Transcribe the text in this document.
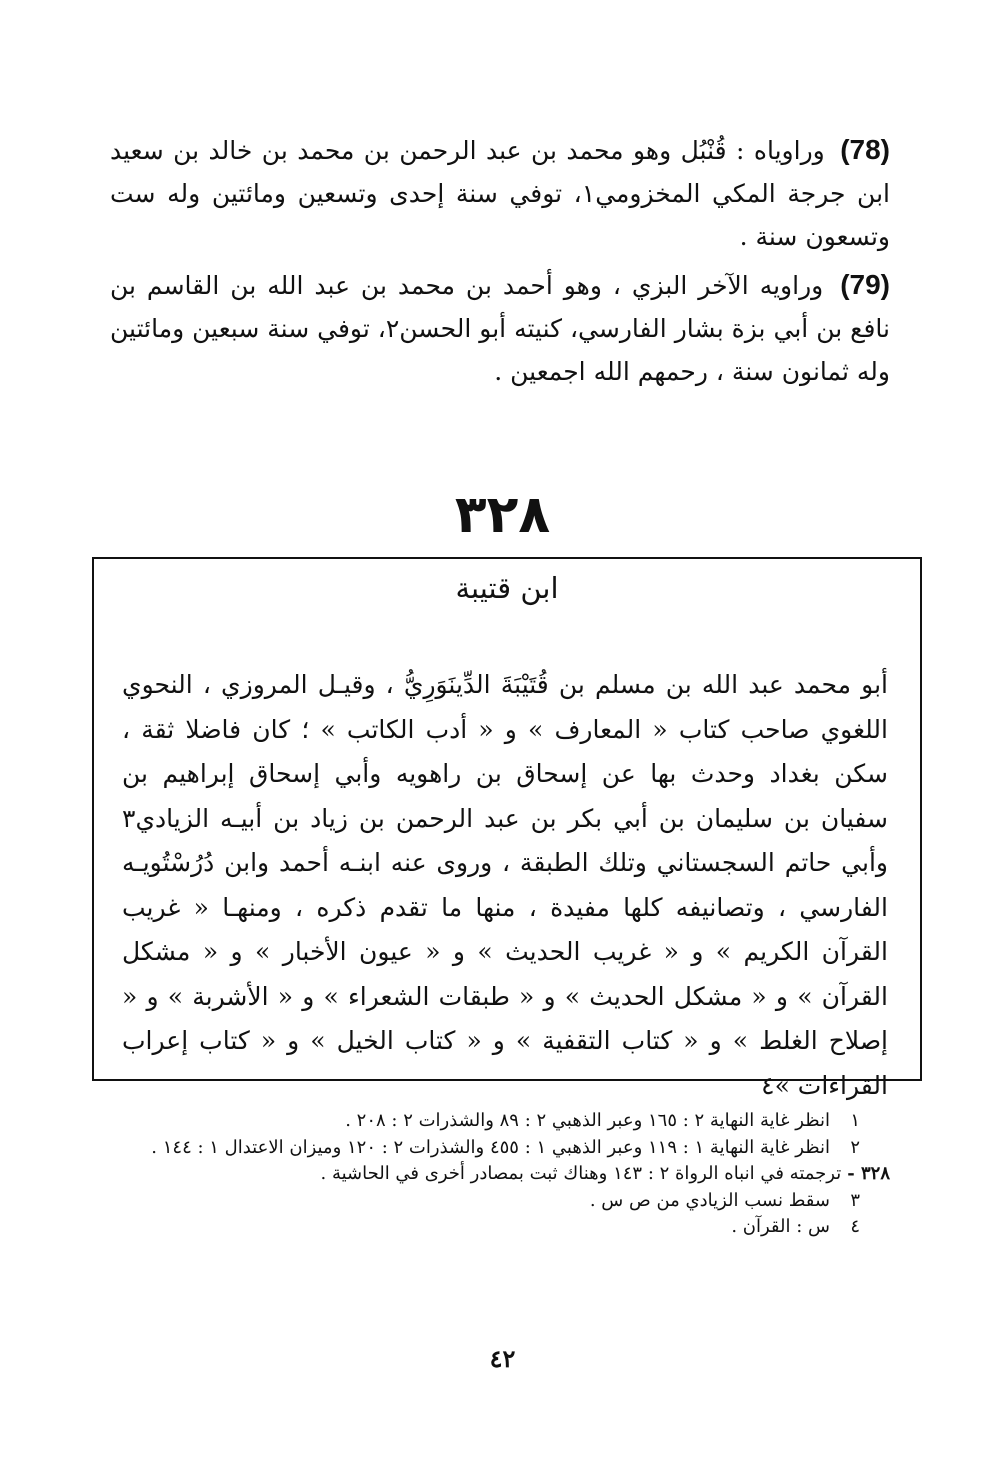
(78) وراوياه : قُنْبُل وهو محمد بن عبد الرحمن بن محمد بن خالد بن سعيد ابن جرجة المكي المخزومي١، توفي سنة إحدى وتسعين ومائتين وله ست وتسعون سنة .
(79) وراويه الآخر البزي ، وهو أحمد بن محمد بن عبد الله بن القاسم بن نافع بن أبي بزة بشار الفارسي، كنيته أبو الحسن٢، توفي سنة سبعين ومائتين وله ثمانون سنة ، رحمهم الله اجمعين .
٣٢٨
ابن قتيبة
أبو محمد عبد الله بن مسلم بن قُتَيْبَةَ الدِّينَوَرِيُّ ، وقيـل المروزي ، النحوي اللغوي صاحب كتاب « المعارف » و « أدب الكاتب » ؛ كان فاضلا ثقة ، سكن بغداد وحدث بها عن إسحاق بن راهويه وأبي إسحاق إبراهيم بن سفيان بن سليمان بن أبي بكر بن عبد الرحمن بن زياد بن أبيـه الزيادي٣ وأبي حاتم السجستاني وتلك الطبقة ، وروى عنه ابنـه أحمد وابن دُرُسْتُويـه الفارسي ، وتصانيفه كلها مفيدة ، منها ما تقدم ذكره ، ومنهـا « غريب القرآن الكريم » و « غريب الحديث » و « عيون الأخبار » و « مشكل القرآن » و « مشكل الحديث » و « طبقات الشعراء » و « الأشربة » و « إصلاح الغلط » و « كتاب التقفية » و « كتاب الخيل » و « كتاب إعراب القراءات »٤
١انظر غاية النهاية ٢ : ١٦٥ وعبر الذهبي ٢ : ٨٩ والشذرات ٢ : ٢٠٨ .
٢انظر غاية النهاية ١ : ١١٩ وعبر الذهبي ١ : ٤٥٥ والشذرات ٢ : ١٢٠ وميزان الاعتدال ١ : ١٤٤ .
٣٢٨ -ترجمته في انباه الرواة ٢ : ١٤٣ وهناك ثبت بمصادر أخرى في الحاشية .
٣سقط نسب الزيادي من ص س .
٤س : القرآن .
٤٢
